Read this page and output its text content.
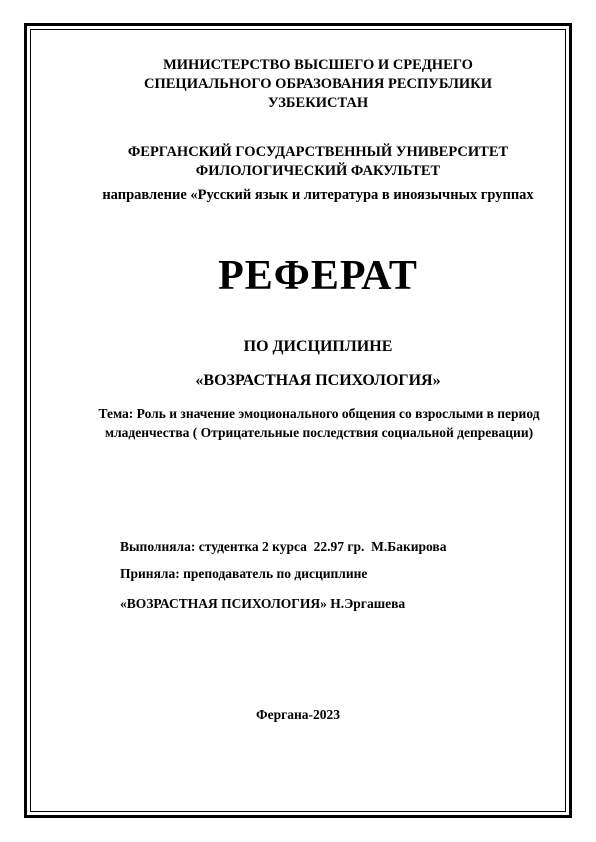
МИНИСТЕРСТВО ВЫСШЕГО И СРЕДНЕГО СПЕЦИАЛЬНОГО ОБРАЗОВАНИЯ РЕСПУБЛИКИ УЗБЕКИСТАН

ФЕРГАНСКИЙ ГОСУДАРСТВЕННЫЙ УНИВЕРСИТЕТ ФИЛОЛОГИЧЕСКИЙ ФАКУЛЬТЕТ

направление «Русский язык и литература в иноязычных группах

РЕФЕРАТ

ПО ДИСЦИПЛИНЕ

«ВОЗРАСТНАЯ ПСИХОЛОГИЯ»

Тема: Роль и значение эмоционального общения со взрослыми в период младенчества ( Отрицательные последствия социальной депревации)

Выполняла: студентка 2 курса  22.97 гр.  М.Бакирова

Приняла: преподаватель по дисциплине

«ВОЗРАСТНАЯ ПСИХОЛОГИЯ» Н.Эргашева

Фергана-2023
